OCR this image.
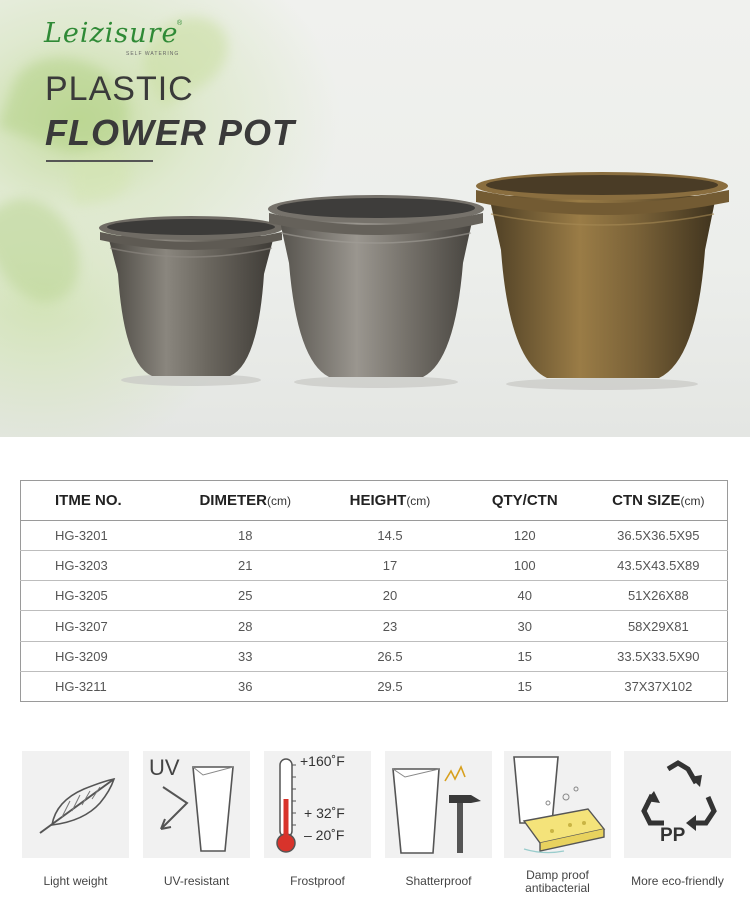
Leizisure
®
SELF WATERING
PLASTIC
FLOWER POT
ITME NO.	DIMETER(cm)	HEIGHT(cm)	QTY/CTN	CTN SIZE(cm)
HG-3201	18	14.5	120	36.5X36.5X95
HG-3203	21	17	100	43.5X43.5X89
HG-3205	25	20	40	51X26X88
HG-3207	28	23	30	58X29X81
HG-3209	33	26.5	15	33.5X33.5X90
HG-3211	36	29.5	15	37X37X102
Light weight
UV
UV-resistant
+160˚F
+ 32˚F
– 20˚F
Frostproof	Shatterproof	Damp proof
antibacterial
PP
More eco-friendly
